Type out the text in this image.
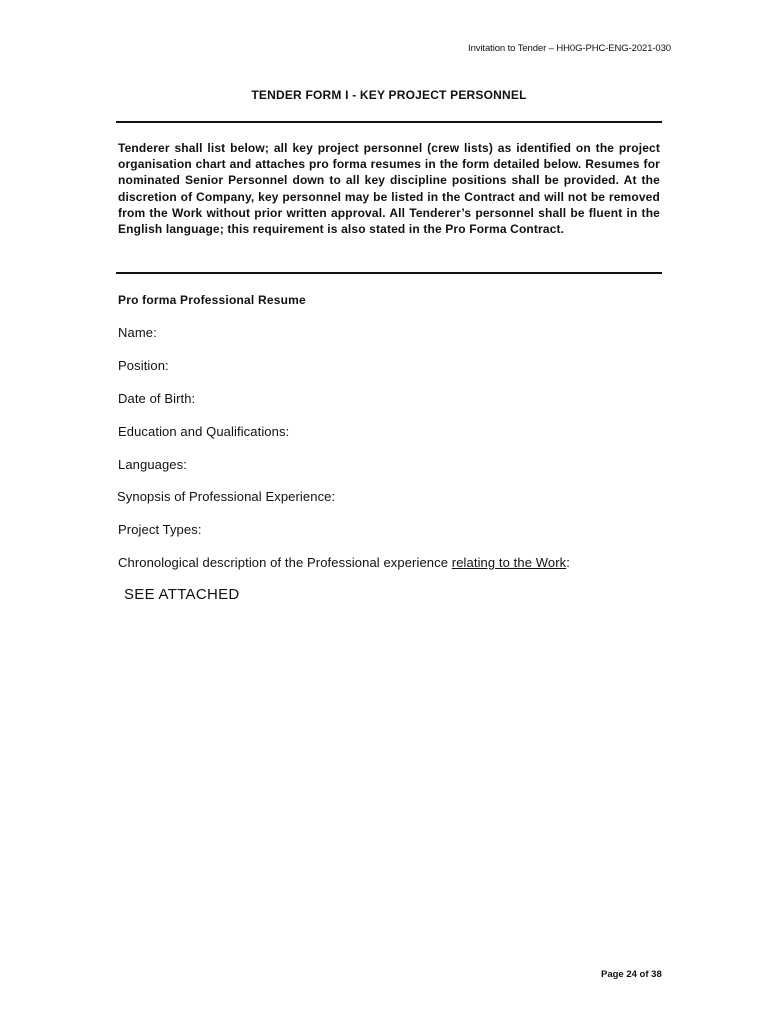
Invitation to Tender – HH0G-PHC-ENG-2021-030
TENDER FORM I - KEY PROJECT PERSONNEL
Tenderer shall list below; all key project personnel (crew lists) as identified on the project organisation chart and attaches pro forma resumes in the form detailed below. Resumes for nominated Senior Personnel down to all key discipline positions shall be provided. At the discretion of Company, key personnel may be listed in the Contract and will not be removed from the Work without prior written approval. All Tenderer’s personnel shall be fluent in the English language; this requirement is also stated in the Pro Forma Contract.
Pro forma Professional Resume
Name:
Position:
Date of Birth:
Education and Qualifications:
Languages:
Synopsis of Professional Experience:
Project Types:
Chronological description of the Professional experience relating to the Work:
SEE ATTACHED
Page 24 of 38
